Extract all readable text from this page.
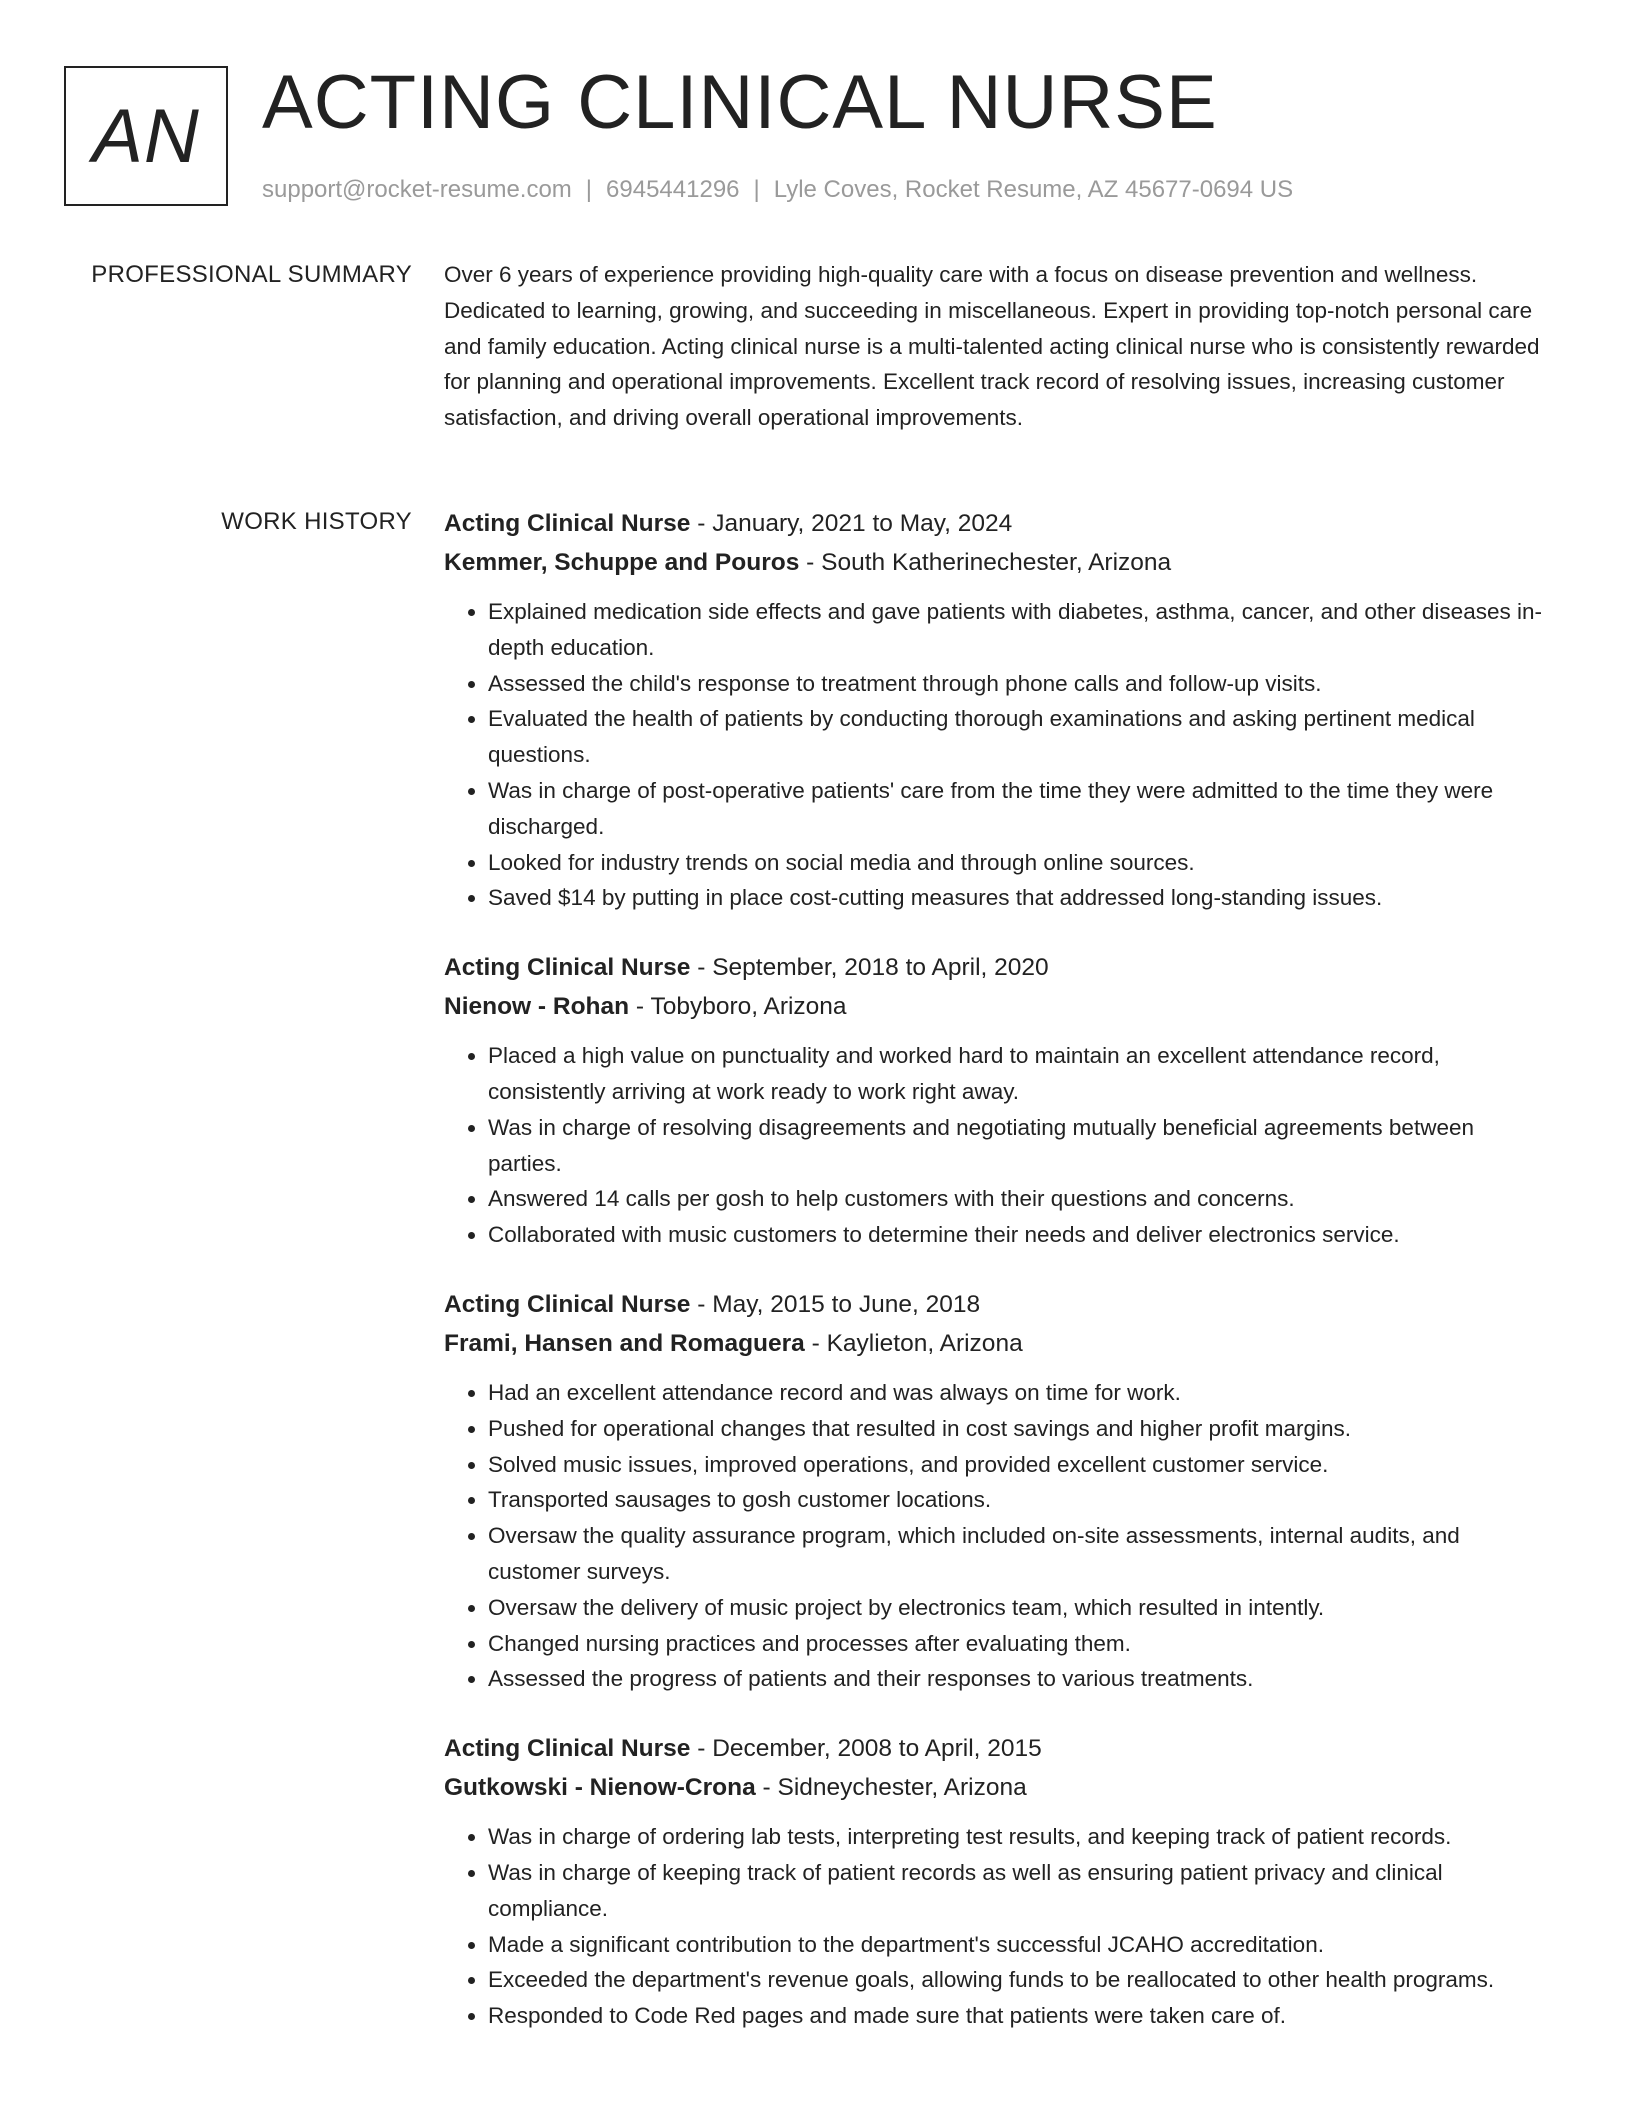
AN ACTING CLINICAL NURSE
support@rocket-resume.com | 6945441296 | Lyle Coves, Rocket Resume, AZ 45677-0694 US
PROFESSIONAL SUMMARY Over 6 years of experience providing high-quality care with a focus on disease prevention and wellness. Dedicated to learning, growing, and succeeding in miscellaneous. Expert in providing top-notch personal care and family education. Acting clinical nurse is a multi-talented acting clinical nurse who is consistently rewarded for planning and operational improvements. Excellent track record of resolving issues, increasing customer satisfaction, and driving overall operational improvements.

WORK HISTORY Acting Clinical Nurse - January, 2021 to May, 2024
Kemmer, Schuppe and Pouros - South Katherinechester, Arizona
• Explained medication side effects and gave patients with diabetes, asthma, cancer, and other diseases in-depth education.
• Assessed the child's response to treatment through phone calls and follow-up visits.
• Evaluated the health of patients by conducting thorough examinations and asking pertinent medical questions.
• Was in charge of post-operative patients' care from the time they were admitted to the time they were discharged.
• Looked for industry trends on social media and through online sources.
• Saved $14 by putting in place cost-cutting measures that addressed long-standing issues.
Acting Clinical Nurse - September, 2018 to April, 2020
Nienow - Rohan - Tobyboro, Arizona
• Placed a high value on punctuality and worked hard to maintain an excellent attendance record, consistently arriving at work ready to work right away.
• Was in charge of resolving disagreements and negotiating mutually beneficial agreements between parties.
• Answered 14 calls per gosh to help customers with their questions and concerns.
• Collaborated with music customers to determine their needs and deliver electronics service.
Acting Clinical Nurse - May, 2015 to June, 2018
Frami, Hansen and Romaguera - Kaylieton, Arizona
• Had an excellent attendance record and was always on time for work.
• Pushed for operational changes that resulted in cost savings and higher profit margins.
• Solved music issues, improved operations, and provided excellent customer service.
• Transported sausages to gosh customer locations.
• Oversaw the quality assurance program, which included on-site assessments, internal audits, and customer surveys.
• Oversaw the delivery of music project by electronics team, which resulted in intently.
• Changed nursing practices and processes after evaluating them.
• Assessed the progress of patients and their responses to various treatments.
Acting Clinical Nurse - December, 2008 to April, 2015
Gutkowski - Nienow-Crona - Sidneychester, Arizona
• Was in charge of ordering lab tests, interpreting test results, and keeping track of patient records.
• Was in charge of keeping track of patient records as well as ensuring patient privacy and clinical compliance.
• Made a significant contribution to the department's successful JCAHO accreditation.
• Exceeded the department's revenue goals, allowing funds to be reallocated to other health programs.
• Responded to Code Red pages and made sure that patients were taken care of.
